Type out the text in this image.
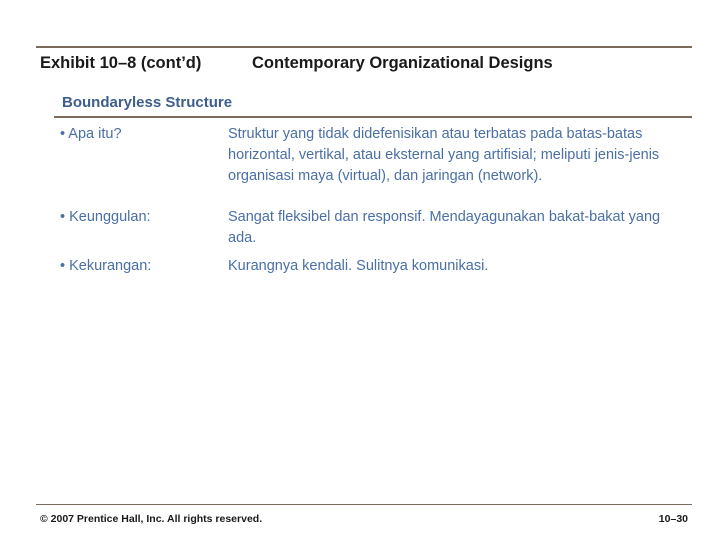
Exhibit 10–8 (cont’d)	Contemporary Organizational Designs
Boundaryless Structure
• Apa itu?	Struktur yang tidak didefenisikan atau terbatas pada batas-batas horizontal, vertikal, atau eksternal yang artifisial; meliputi jenis-jenis organisasi maya (virtual), dan jaringan (network).
• Keunggulan:	Sangat fleksibel dan responsif. Mendayagunakan bakat-bakat yang ada.
• Kekurangan:	Kurangnya kendali. Sulitnya komunikasi.
© 2007 Prentice Hall, Inc. All rights reserved.	10–30
